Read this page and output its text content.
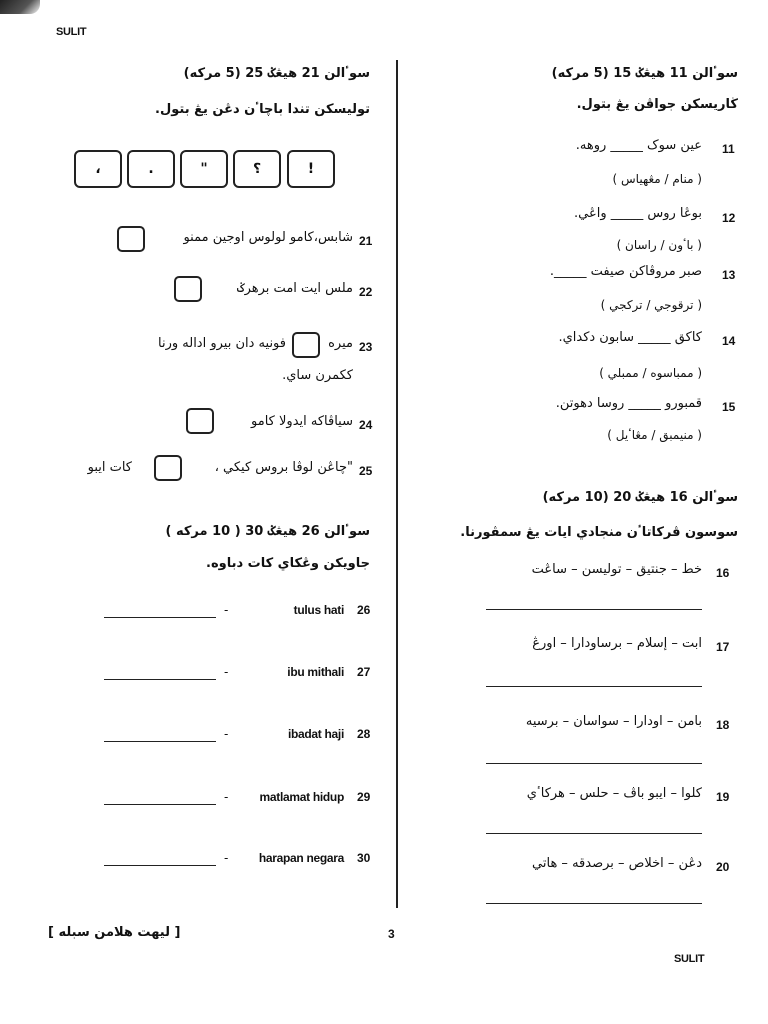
SULIT
سوٴالن 11 هيڠݢ 15 (5 مركه)
ڬاريسكن جواڤن يڠ بتول.
11
عين سوک _____ روهه.
( منام / مڠهياس )
12
بوڠا روس _____ واڠي.
( باٴون / راسان )
13
صبر مروڤاكن صيفت _____.
( ترقوجي / ترکجي )
14
كاكق _____ سابون دكداي.
( ممباسوه / ممبلي )
15
قمبورو _____ روسا دهوتن.
( منيمبق / مڠاٴيل )
سوٴالن 16 هيڠݢ 20 (10 مركه)
سوسون ڤركاتاٴن منجادي ايات يڠ سمڤورنا.
16
خط – جنتيق – توليسن – ساڠت
17
ابت – إسلام – برساودارا – اورڠ
18
بامن – اودارا – سواسان – برسيه
19
كلوا – ايبو باڤ – حلس – هركاٴي
20
دڠن – اخلاص – برصدقه – هاتي
سوٴالن 21 هيڠݢ 25 (5 مركه)
توليسكن تندا باچاٴن دڠن يڠ بتول.
!
؟
"
.
،
21
شابس،كامو لولوس اوجين ممنو
22
ملس ايت امت برهرݢ
23
ميره
فونيه دان بيرو اداله ورنا
ككمرن ساي.
24
سياڤاكه ايدولا كامو
25
"چاڠن لوڤا بروس كيكي ،
كات ايبو
سوٴالن 26 هيڠݢ 30 ( 10 مركه )
جاويكن وڠكاي كات دباوه.
26
tulus hati
-
27
ibu mithali
-
28
ibadat haji
-
29
matlamat hidup
-
30
harapan negara
-
[ ليهت هلامن سبله ]	3
SULIT
